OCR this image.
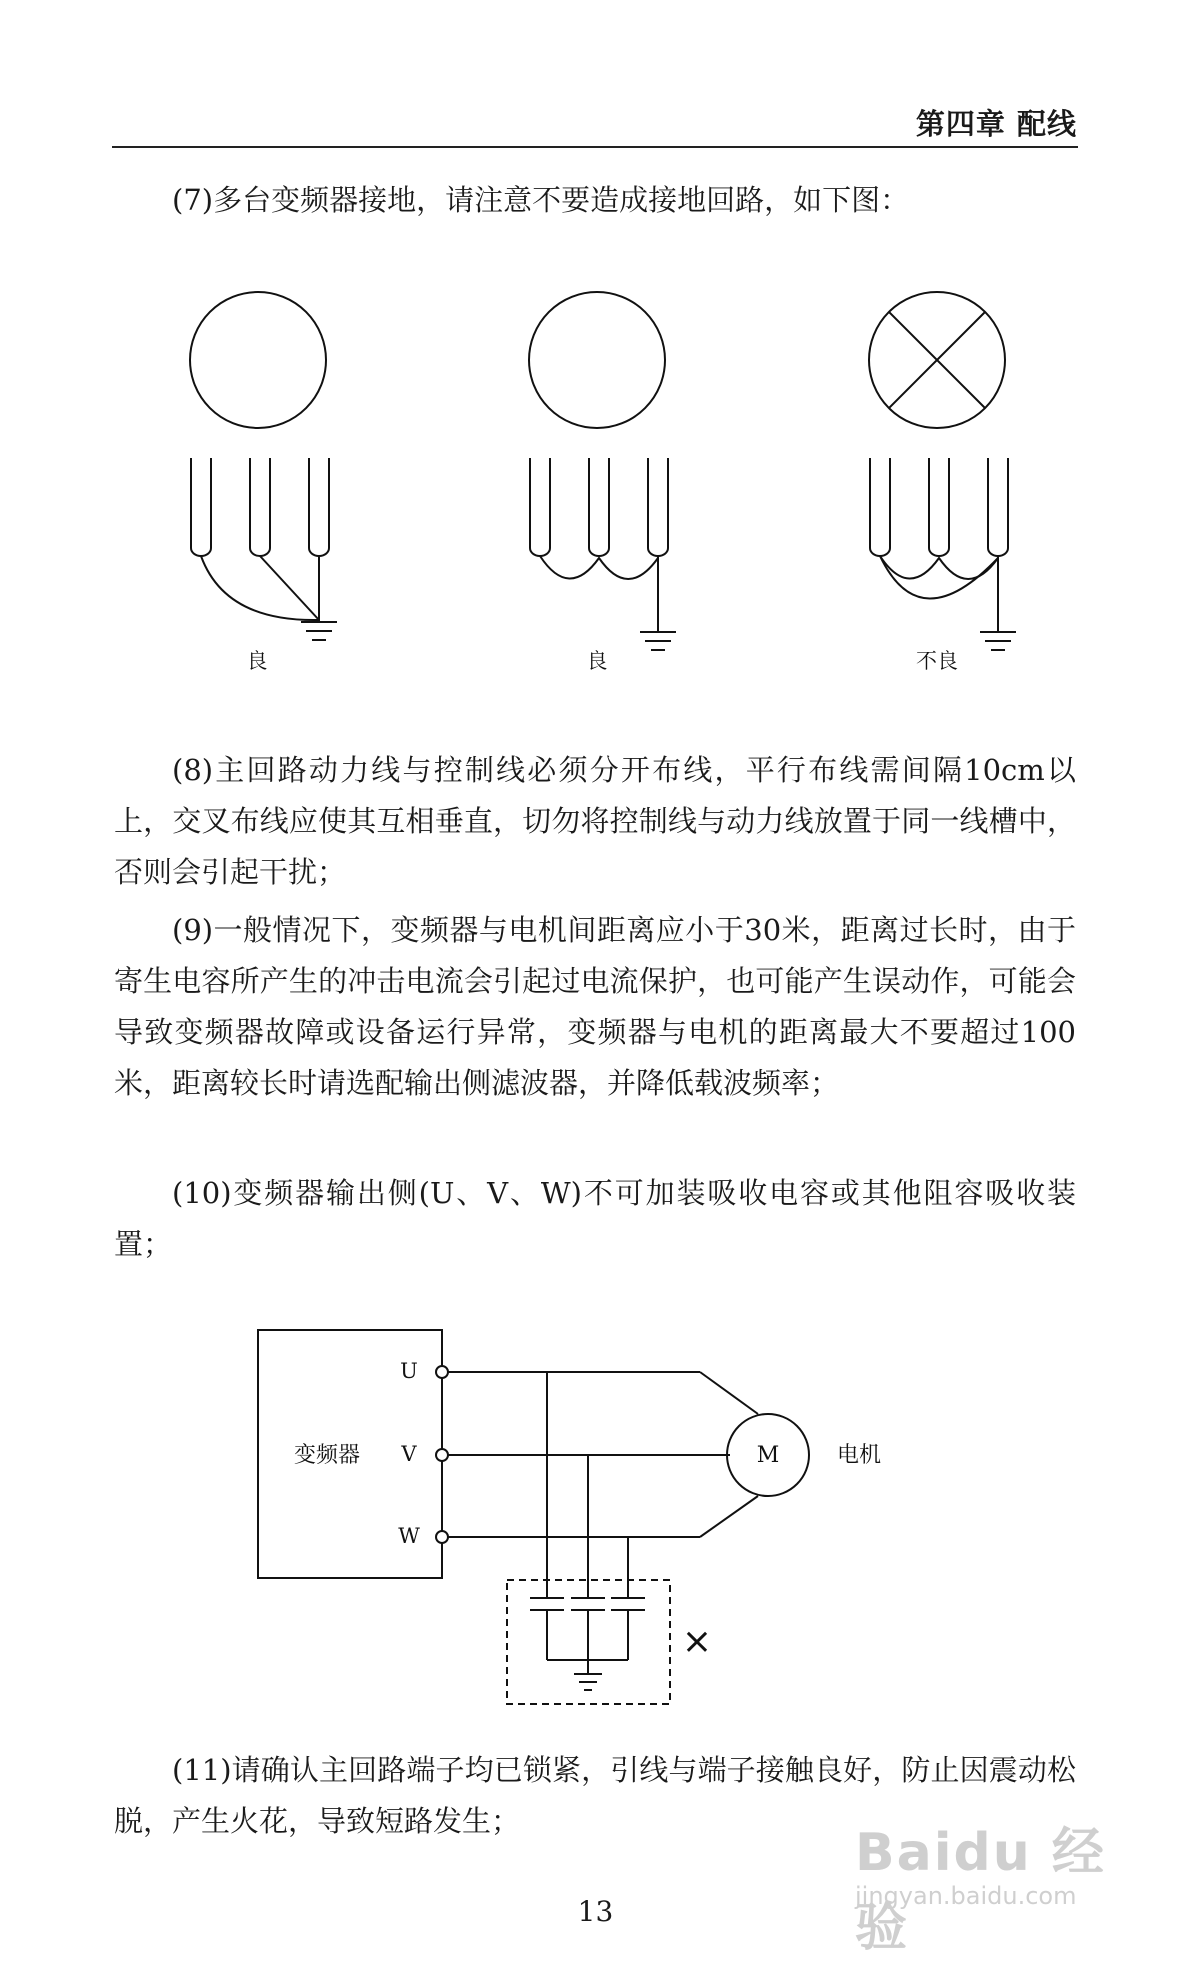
第四章 配线

(7)多台变频器接地，请注意不要造成接地回路，如下图：

良	良	不良

(8)主回路动力线与控制线必须分开布线，平行布线需间隔10cm以上，交叉布线应使其互相垂直，切勿将控制线与动力线放置于同一线槽中，否则会引起干扰；

(9)一般情况下，变频器与电机间距离应小于30米，距离过长时，由于寄生电容所产生的冲击电流会引起过电流保护，也可能产生误动作，可能会导致变频器故障或设备运行异常，变频器与电机的距离最大不要超过100米，距离较长时请选配输出侧滤波器，并降低载波频率；

(10)变频器输出侧(U、V、W)不可加装吸收电容或其他阻容吸收装置；

变频器
U
V
W
M	电机
×

(11)请确认主回路端子均已锁紧，引线与端子接触良好，防止因震动松脱，产生火花，导致短路发生；

13
Baidu 经验
jingyan.baidu.com
